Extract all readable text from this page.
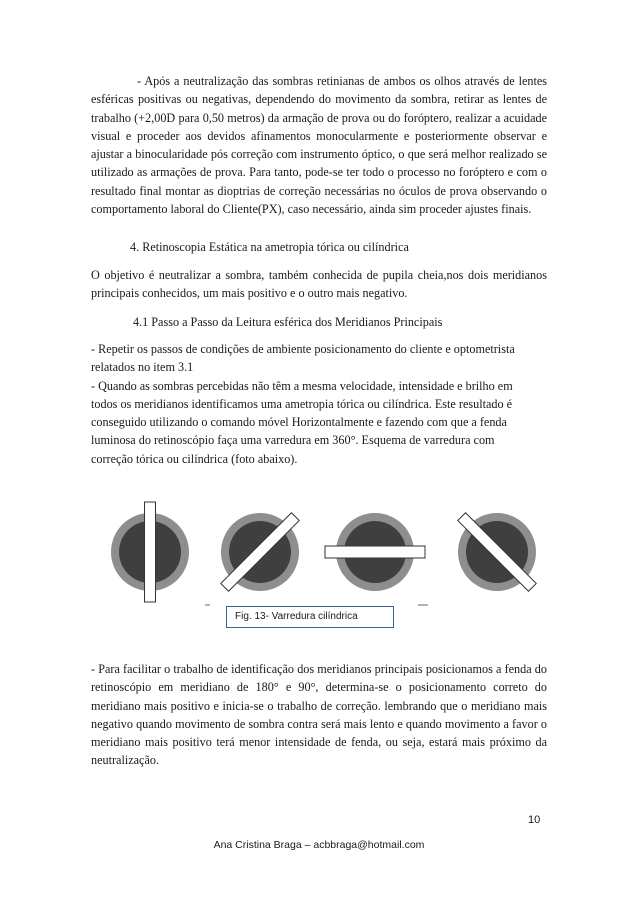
- Após a neutralização das sombras retinianas de ambos os olhos através de lentes esféricas positivas ou negativas, dependendo do movimento da sombra, retirar as lentes de trabalho (+2,00D para 0,50 metros) da armação de prova ou do foróptero, realizar a acuidade visual e proceder aos devidos afinamentos monocularmente e posteriormente observar e ajustar a binocularidade pós correção com instrumento óptico, o que será melhor realizado se utilizado as armações de prova. Para tanto, pode-se ter todo o processo no foróptero e com o resultado final montar as dioptrias de correção necessárias no óculos de prova observando o comportamento laboral do Cliente(PX), caso necessário, ainda sim proceder ajustes finais.
4. Retinoscopia Estática na ametropia tórica ou cilíndrica
O objetivo é neutralizar a sombra, também conhecida de pupila cheia,nos dois meridianos principais conhecidos, um mais positivo e o outro mais negativo.
4.1 Passo a Passo da Leitura esférica dos Meridianos Principais
- Repetir os passos de condições de ambiente posicionamento do cliente e optometrista
relatados no item 3.1
- Quando as sombras percebidas não têm a mesma velocidade, intensidade e brilho em
todos os meridianos identificamos uma ametropia tórica ou cilíndrica. Este resultado é
conseguido utilizando o comando móvel Horizontalmente e fazendo com que a fenda
luminosa do retinoscópio faça uma varredura em 360°. Esquema de varredura com
correção tórica ou cilíndrica (foto abaixo).
Fig. 13- Varredura cilíndrica
- Para facilitar o trabalho de identificação dos meridianos principais posicionamos a fenda do retinoscópio em meridiano de 180° e 90°, determina-se o posicionamento correto do meridiano mais positivo e inicia-se o trabalho de correção. lembrando que o meridiano mais negativo quando movimento de sombra contra será mais lento e quando movimento a favor o meridiano mais positivo terá menor intensidade de fenda, ou seja, estará mais próximo da neutralização.
10
Ana Cristina Braga – acbbraga@hotmail.com
